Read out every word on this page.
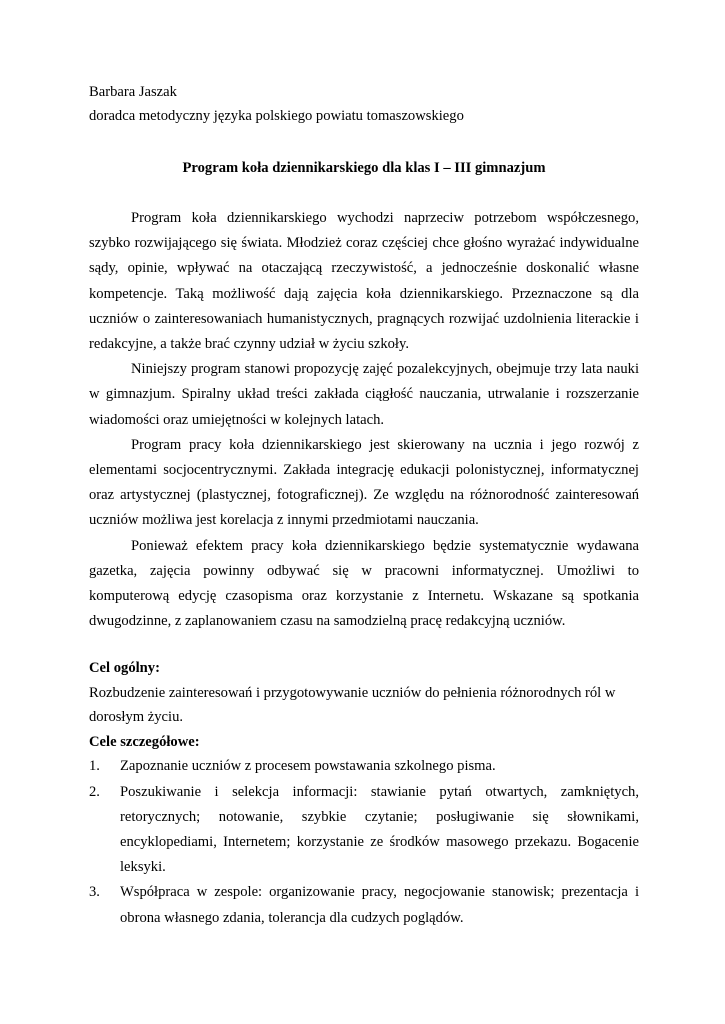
Barbara Jaszak

doradca metodyczny języka polskiego powiatu tomaszowskiego

Program koła dziennikarskiego dla klas I – III gimnazjum

Program koła dziennikarskiego wychodzi naprzeciw potrzebom współczesnego, szybko rozwijającego się świata. Młodzież coraz częściej chce głośno wyrażać indywidualne sądy, opinie, wpływać na otaczającą rzeczywistość, a jednocześnie doskonalić własne kompetencje. Taką możliwość dają zajęcia koła dziennikarskiego. Przeznaczone są dla uczniów o zainteresowaniach humanistycznych, pragnących rozwijać uzdolnienia literackie i redakcyjne, a także brać czynny udział w życiu szkoły.

Niniejszy program stanowi propozycję zajęć pozalekcyjnych, obejmuje trzy lata nauki w gimnazjum. Spiralny układ treści zakłada ciągłość nauczania, utrwalanie i rozszerzanie wiadomości oraz umiejętności w kolejnych latach.

Program pracy koła dziennikarskiego jest skierowany na ucznia i jego rozwój z elementami socjocentrycznymi. Zakłada integrację edukacji polonistycznej, informatycznej oraz artystycznej (plastycznej, fotograficznej). Ze względu na różnorodność zainteresowań uczniów możliwa jest korelacja z innymi przedmiotami nauczania.

Ponieważ efektem pracy koła dziennikarskiego będzie systematycznie wydawana gazetka, zajęcia powinny odbywać się w pracowni informatycznej. Umożliwi to komputerową edycję czasopisma oraz korzystanie z Internetu. Wskazane są spotkania dwugodzinne, z zaplanowaniem czasu na samodzielną pracę redakcyjną uczniów.

Cel ogólny:

Rozbudzenie zainteresowań i przygotowywanie uczniów do pełnienia różnorodnych ról w

dorosłym życiu.

Cele szczegółowe:

1. Zapoznanie uczniów z procesem powstawania szkolnego pisma.
2. Poszukiwanie i selekcja informacji: stawianie pytań otwartych, zamkniętych, retorycznych; notowanie, szybkie czytanie; posługiwanie się słownikami, encyklopediami, Internetem; korzystanie ze środków masowego przekazu. Bogacenie leksyki.
3. Współpraca w zespole: organizowanie pracy, negocjowanie stanowisk; prezentacja i obrona własnego zdania, tolerancja dla cudzych poglądów.
